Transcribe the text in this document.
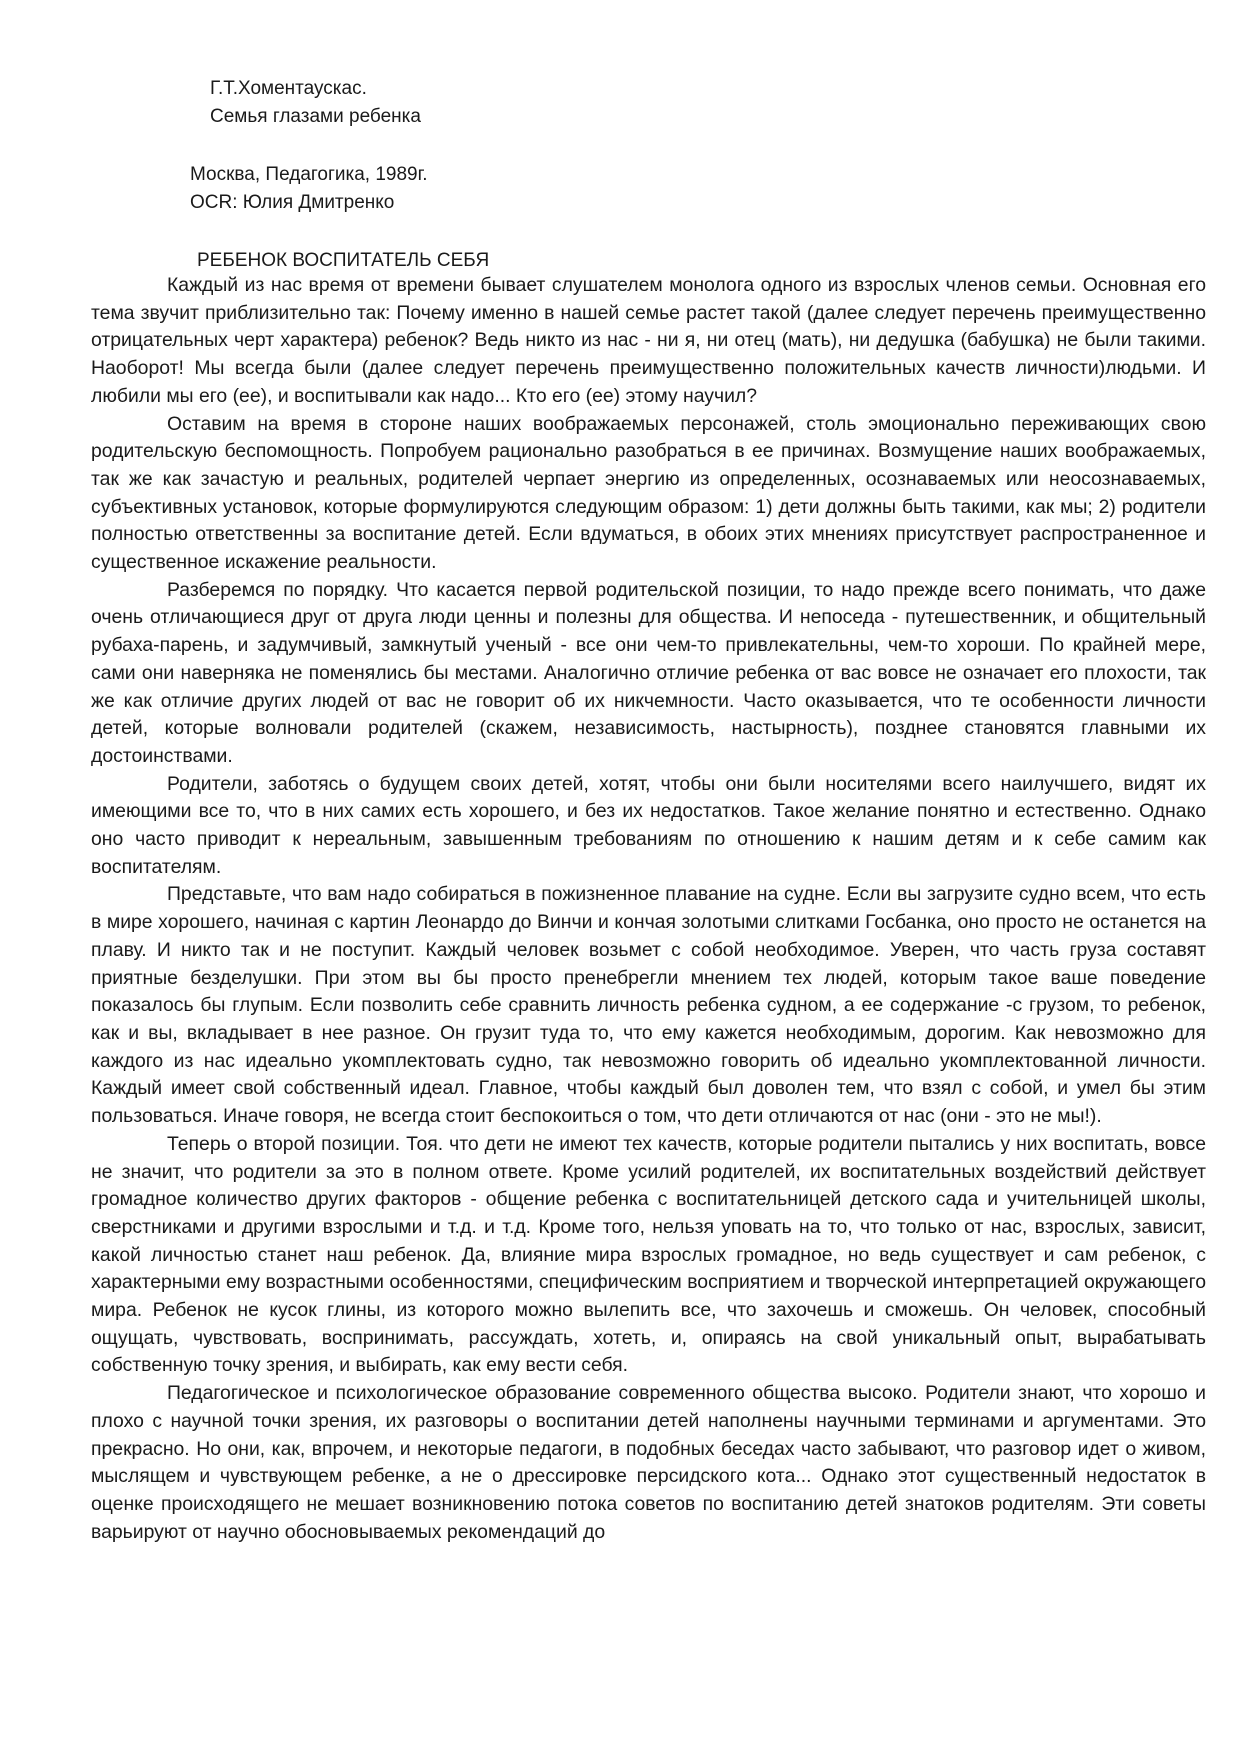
Г.Т.Хоментаускас.
Семья глазами ребенка
Москва, Педагогика, 1989г.
OCR: Юлия Дмитренко
РЕБЕНОК ВОСПИТАТЕЛЬ СЕБЯ

Каждый из нас время от времени бывает слушателем монолога одного из взрослых членов семьи. Основная его тема звучит приблизительно так: Почему именно в нашей семье растет такой (далее следует перечень преимущественно отрицательных черт характера) ребенок? Ведь никто из нас - ни я, ни отец (мать), ни дедушка (бабушка) не были такими. Наоборот! Мы всегда были (далее следует перечень преимущественно положительных качеств личности)людьми. И любили мы его (ее), и воспитывали как надо... Кто его (ее) этому научил?

Оставим на время в стороне наших воображаемых персонажей, столь эмоционально переживающих свою родительскую беспомощность. Попробуем рационально разобраться в ее причинах. Возмущение наших воображаемых, так же как зачастую и реальных, родителей черпает энергию из определенных, осознаваемых или неосознаваемых, субъективных установок, которые формулируются следующим образом: 1) дети должны быть такими, как мы; 2) родители полностью ответственны за воспитание детей. Если вдуматься, в обоих этих мнениях присутствует распространенное и существенное искажение реальности.

Разберемся по порядку. Что касается первой родительской позиции, то надо прежде всего понимать, что даже очень отличающиеся друг от друга люди ценны и полезны для общества. И непоседа - путешественник, и общительный рубаха-парень, и задумчивый, замкнутый ученый - все они чем-то привлекательны, чем-то хороши. По крайней мере, сами они наверняка не поменялись бы местами. Аналогично отличие ребенка от вас вовсе не означает его плохости, так же как отличие других людей от вас не говорит об их никчемности. Часто оказывается, что те особенности личности детей, которые волновали родителей (скажем, независимость, настырность), позднее становятся главными их достоинствами.

Родители, заботясь о будущем своих детей, хотят, чтобы они были носителями всего наилучшего, видят их имеющими все то, что в них самих есть хорошего, и без их недостатков. Такое желание понятно и естественно. Однако оно часто приводит к нереальным, завышенным требованиям по отношению к нашим детям и к себе самим как воспитателям.

Представьте, что вам надо собираться в пожизненное плавание на судне. Если вы загрузите судно всем, что есть в мире хорошего, начиная с картин Леонардо до Винчи и кончая золотыми слитками Госбанка, оно просто не останется на плаву. И никто так и не поступит. Каждый человек возьмет с собой необходимое. Уверен, что часть груза составят приятные безделушки. При этом вы бы просто пренебрегли мнением тех людей, которым такое ваше поведение показалось бы глупым. Если позволить себе сравнить личность ребенка судном, а ее содержание -с грузом, то ребенок, как и вы, вкладывает в нее разное. Он грузит туда то, что ему кажется необходимым, дорогим. Как невозможно для каждого из нас идеально укомплектовать судно, так невозможно говорить об идеально укомплектованной личности. Каждый имеет свой собственный идеал. Главное, чтобы каждый был доволен тем, что взял с собой, и умел бы этим пользоваться. Иначе говоря, не всегда стоит беспокоиться о том, что дети отличаются от нас (они - это не мы!).

Теперь о второй позиции. Тоя. что дети не имеют тех качеств, которые родители пытались у них воспитать, вовсе не значит, что родители за это в полном ответе. Кроме усилий родителей, их воспитательных воздействий действует громадное количество других факторов - общение ребенка с воспитательницей детского сада и учительницей школы, сверстниками и другими взрослыми и т.д. и т.д. Кроме того, нельзя уповать на то, что только от нас, взрослых, зависит, какой личностью станет наш ребенок. Да, влияние мира взрослых громадное, но ведь существует и сам ребенок, с характерными ему возрастными особенностями, специфическим восприятием и творческой интерпретацией окружающего мира. Ребенок не кусок глины, из которого можно вылепить все, что захочешь и сможешь. Он человек, способный ощущать, чувствовать, воспринимать, рассуждать, хотеть, и, опираясь на свой уникальный опыт, вырабатывать собственную точку зрения, и выбирать, как ему вести себя.

Педагогическое и психологическое образование современного общества высоко. Родители знают, что хорошо и плохо с научной точки зрения, их разговоры о воспитании детей наполнены научными терминами и аргументами. Это прекрасно. Но они, как, впрочем, и некоторые педагоги, в подобных беседах часто забывают, что разговор идет о живом, мыслящем и чувствующем ребенке, а не о дрессировке персидского кота... Однако этот существенный недостаток в оценке происходящего не мешает возникновению потока советов по воспитанию детей знатоков родителям. Эти советы варьируют от научно обосновываемых рекомендаций до
